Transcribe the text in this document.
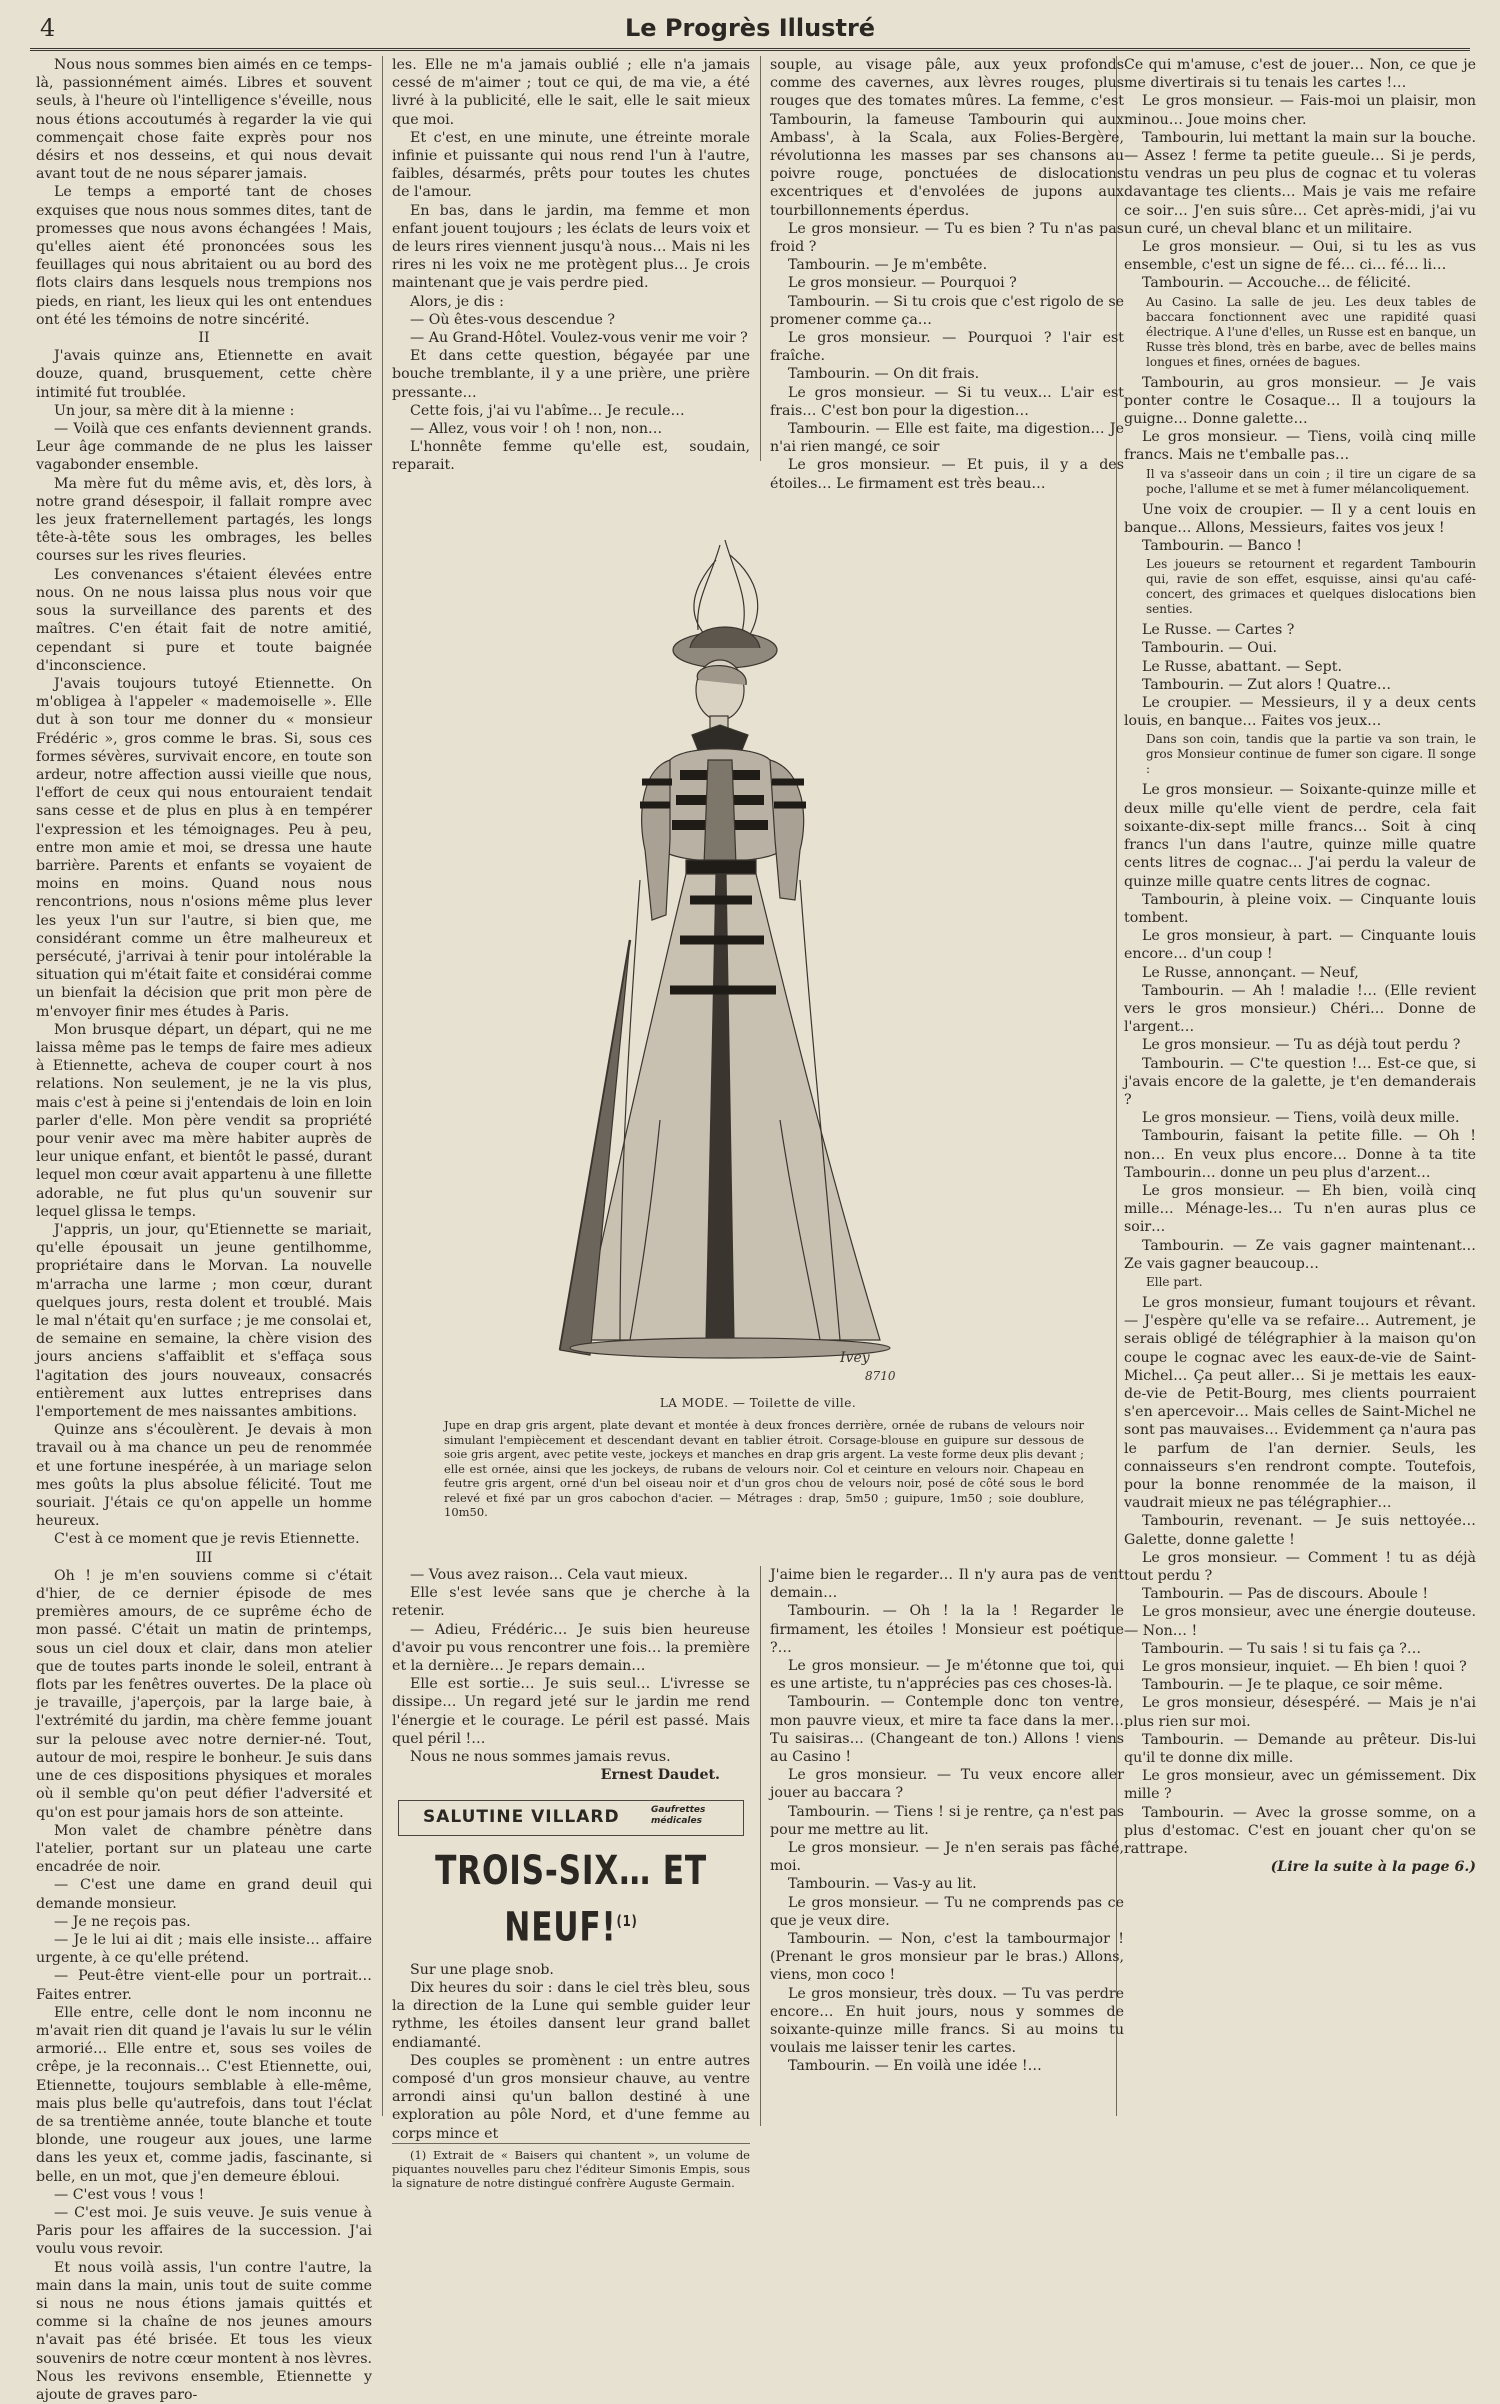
4	Le Progrès Illustré

Nous nous sommes bien aimés en ce temps-là, passionnément aimés. Libres et souvent seuls, à l'heure où l'intelligence s'éveille, nous nous étions accoutumés à regarder la vie qui commençait chose faite exprès pour nos désirs et nos desseins, et qui nous devait avant tout de ne nous séparer jamais.

Le temps a emporté tant de choses exquises que nous nous sommes dites, tant de promesses que nous avons échangées ! Mais, qu'elles aient été prononcées sous les feuillages qui nous abritaient ou au bord des flots clairs dans lesquels nous trempions nos pieds, en riant, les lieux qui les ont entendues ont été les témoins de notre sincérité.

II

J'avais quinze ans, Etiennette en avait douze, quand, brusquement, cette chère intimité fut troublée.

Un jour, sa mère dit à la mienne :

— Voilà que ces enfants deviennent grands. Leur âge commande de ne plus les laisser vagabonder ensemble.

Ma mère fut du même avis, et, dès lors, à notre grand désespoir, il fallait rompre avec les jeux fraternellement partagés, les longs tête-à-tête sous les ombrages, les belles courses sur les rives fleuries.

Les convenances s'étaient élevées entre nous. On ne nous laissa plus nous voir que sous la surveillance des parents et des maîtres. C'en était fait de notre amitié, cependant si pure et toute baignée d'inconscience.

J'avais toujours tutoyé Etiennette. On m'obligea à l'appeler « mademoiselle ». Elle dut à son tour me donner du « monsieur Frédéric », gros comme le bras. Si, sous ces formes sévères, survivait encore, en toute son ardeur, notre affection aussi vieille que nous, l'effort de ceux qui nous entouraient tendait sans cesse et de plus en plus à en tempérer l'expression et les témoignages. Peu à peu, entre mon amie et moi, se dressa une haute barrière. Parents et enfants se voyaient de moins en moins. Quand nous nous rencontrions, nous n'osions même plus lever les yeux l'un sur l'autre, si bien que, me considérant comme un être malheureux et persécuté, j'arrivai à tenir pour intolérable la situation qui m'était faite et considérai comme un bienfait la décision que prit mon père de m'envoyer finir mes études à Paris.

Mon brusque départ, un départ, qui ne me laissa même pas le temps de faire mes adieux à Etiennette, acheva de couper court à nos relations. Non seulement, je ne la vis plus, mais c'est à peine si j'entendais de loin en loin parler d'elle. Mon père vendit sa propriété pour venir avec ma mère habiter auprès de leur unique enfant, et bientôt le passé, durant lequel mon cœur avait appartenu à une fillette adorable, ne fut plus qu'un souvenir sur lequel glissa le temps.

J'appris, un jour, qu'Etiennette se mariait, qu'elle épousait un jeune gentilhomme, propriétaire dans le Morvan. La nouvelle m'arracha une larme ; mon cœur, durant quelques jours, resta dolent et troublé. Mais le mal n'était qu'en surface ; je me consolai et, de semaine en semaine, la chère vision des jours anciens s'affaiblit et s'effaça sous l'agitation des jours nouveaux, consacrés entièrement aux luttes entreprises dans l'emportement de mes naissantes ambitions.

Quinze ans s'écoulèrent. Je devais à mon travail ou à ma chance un peu de renommée et une fortune inespérée, à un mariage selon mes goûts la plus absolue félicité. Tout me souriait. J'étais ce qu'on appelle un homme heureux.

C'est à ce moment que je revis Etiennette.

III

Oh ! je m'en souviens comme si c'était d'hier, de ce dernier épisode de mes premières amours, de ce suprême écho de mon passé. C'était un matin de printemps, sous un ciel doux et clair, dans mon atelier que de toutes parts inonde le soleil, entrant à flots par les fenêtres ouvertes. De la place où je travaille, j'aperçois, par la large baie, à l'extrémité du jardin, ma chère femme jouant sur la pelouse avec notre dernier-né. Tout, autour de moi, respire le bonheur. Je suis dans une de ces dispositions physiques et morales où il semble qu'on peut défier l'adversité et qu'on est pour jamais hors de son atteinte.

Mon valet de chambre pénètre dans l'atelier, portant sur un plateau une carte encadrée de noir.

— C'est une dame en grand deuil qui demande monsieur.

— Je ne reçois pas.

— Je le lui ai dit ; mais elle insiste… affaire urgente, à ce qu'elle prétend.

— Peut-être vient-elle pour un portrait… Faites entrer.

Elle entre, celle dont le nom inconnu ne m'avait rien dit quand je l'avais lu sur le vélin armorié… Elle entre et, sous ses voiles de crêpe, je la reconnais… C'est Etiennette, oui, Etiennette, toujours semblable à elle-même, mais plus belle qu'autrefois, dans tout l'éclat de sa trentième année, toute blanche et toute blonde, une rougeur aux joues, une larme dans les yeux et, comme jadis, fascinante, si belle, en un mot, que j'en demeure ébloui.

— C'est vous ! vous !

— C'est moi. Je suis veuve. Je suis venue à Paris pour les affaires de la succession. J'ai voulu vous revoir.

Et nous voilà assis, l'un contre l'autre, la main dans la main, unis tout de suite comme si nous ne nous étions jamais quittés et comme si la chaîne de nos jeunes amours n'avait pas été brisée. Et tous les vieux souvenirs de notre cœur montent à nos lèvres. Nous les revivons ensemble, Etiennette y ajoute de graves paro-

les. Elle ne m'a jamais oublié ; elle n'a jamais cessé de m'aimer ; tout ce qui, de ma vie, a été livré à la publicité, elle le sait, elle le sait mieux que moi.

Et c'est, en une minute, une étreinte morale infinie et puissante qui nous rend l'un à l'autre, faibles, désarmés, prêts pour toutes les chutes de l'amour.

En bas, dans le jardin, ma femme et mon enfant jouent toujours ; les éclats de leurs voix et de leurs rires viennent jusqu'à nous… Mais ni les rires ni les voix ne me protègent plus… Je crois maintenant que je vais perdre pied.

Alors, je dis :

— Où êtes-vous descendue ?

— Au Grand-Hôtel. Voulez-vous venir me voir ?

Et dans cette question, bégayée par une bouche tremblante, il y a une prière, une prière pressante…

Cette fois, j'ai vu l'abîme… Je recule…

— Allez, vous voir ! oh ! non, non…

L'honnête femme qu'elle est, soudain, reparait.

souple, au visage pâle, aux yeux profonds comme des cavernes, aux lèvres rouges, plus rouges que des tomates mûres. La femme, c'est Tambourin, la fameuse Tambourin qui aux Ambass', à la Scala, aux Folies-Bergère, révolutionna les masses par ses chansons au poivre rouge, ponctuées de dislocations excentriques et d'envolées de jupons aux tourbillonnements éperdus.

Le gros monsieur. — Tu es bien ? Tu n'as pas froid ?

Tambourin. — Je m'embête.

Le gros monsieur. — Pourquoi ?

Tambourin. — Si tu crois que c'est rigolo de se promener comme ça…

Le gros monsieur. — Pourquoi ? l'air est fraîche.

Tambourin. — On dit frais.

Le gros monsieur. — Si tu veux… L'air est frais… C'est bon pour la digestion…

Tambourin. — Elle est faite, ma digestion… Je n'ai rien mangé, ce soir

Le gros monsieur. — Et puis, il y a des étoiles… Le firmament est très beau…

Ivey
8710
LA MODE. — Toilette de ville.
Jupe en drap gris argent, plate devant et montée à deux fronces derrière, ornée de rubans de velours noir simulant l'empiècement et descendant devant en tablier étroit. Corsage-blouse en guipure sur dessous de soie gris argent, avec petite veste, jockeys et manches en drap gris argent. La veste forme deux plis devant ; elle est ornée, ainsi que les jockeys, de rubans de velours noir. Col et ceinture en velours noir. Chapeau en feutre gris argent, orné d'un bel oiseau noir et d'un gros chou de velours noir, posé de côté sous le bord relevé et fixé par un gros cabochon d'acier. — Métrages : drap, 5m50 ; guipure, 1m50 ; soie doublure, 10m50.

— Vous avez raison… Cela vaut mieux.

Elle s'est levée sans que je cherche à la retenir.

— Adieu, Frédéric… Je suis bien heureuse d'avoir pu vous rencontrer une fois… la première et la dernière… Je repars demain…

Elle est sortie… Je suis seul… L'ivresse se dissipe… Un regard jeté sur le jardin me rend l'énergie et le courage. Le péril est passé. Mais quel péril !…

Nous ne nous sommes jamais revus.

Ernest Daudet.

SALUTINE VILLARD	Gaufrettes médicales
TROIS-SIX… ET NEUF!$^{(1)}$

Sur une plage snob.

Dix heures du soir : dans le ciel très bleu, sous la direction de la Lune qui semble guider leur rythme, les étoiles dansent leur grand ballet endiamanté.

Des couples se promènent : un entre autres composé d'un gros monsieur chauve, au ventre arrondi ainsi qu'un ballon destiné à une exploration au pôle Nord, et d'une femme au corps mince et

(1) Extrait de « Baisers qui chantent », un volume de piquantes nouvelles paru chez l'éditeur Simonis Empis, sous la signature de notre distingué confrère Auguste Germain.

J'aime bien le regarder… Il n'y aura pas de vent demain…

Tambourin. — Oh ! la la ! Regarder le firmament, les étoiles ! Monsieur est poétique ?…

Le gros monsieur. — Je m'étonne que toi, qui es une artiste, tu n'apprécies pas ces choses-là.

Tambourin. — Contemple donc ton ventre, mon pauvre vieux, et mire ta face dans la mer… Tu saisiras… (Changeant de ton.) Allons ! viens au Casino !

Le gros monsieur. — Tu veux encore aller jouer au baccara ?

Tambourin. — Tiens ! si je rentre, ça n'est pas pour me mettre au lit.

Le gros monsieur. — Je n'en serais pas fâché, moi.

Tambourin. — Vas-y au lit.

Le gros monsieur. — Tu ne comprends pas ce que je veux dire.

Tambourin. — Non, c'est la tambourmajor ! (Prenant le gros monsieur par le bras.) Allons, viens, mon coco !

Le gros monsieur, très doux. — Tu vas perdre encore… En huit jours, nous y sommes de soixante-quinze mille francs. Si au moins tu voulais me laisser tenir les cartes.

Tambourin. — En voilà une idée !…

Ce qui m'amuse, c'est de jouer… Non, ce que je me divertirais si tu tenais les cartes !…

Le gros monsieur. — Fais-moi un plaisir, mon minou… Joue moins cher.

Tambourin, lui mettant la main sur la bouche. — Assez ! ferme ta petite gueule… Si je perds, tu vendras un peu plus de cognac et tu voleras davantage tes clients… Mais je vais me refaire ce soir… J'en suis sûre… Cet après-midi, j'ai vu un curé, un cheval blanc et un militaire.

Le gros monsieur. — Oui, si tu les as vus ensemble, c'est un signe de fé… ci… fé… li…

Tambourin. — Accouche… de félicité.

Au Casino. La salle de jeu. Les deux tables de baccara fonctionnent avec une rapidité quasi électrique. A l'une d'elles, un Russe est en banque, un Russe très blond, très en barbe, avec de belles mains longues et fines, ornées de bagues.

Tambourin, au gros monsieur. — Je vais ponter contre le Cosaque… Il a toujours la guigne… Donne galette…

Le gros monsieur. — Tiens, voilà cinq mille francs. Mais ne t'emballe pas…

Il va s'asseoir dans un coin ; il tire un cigare de sa poche, l'allume et se met à fumer mélancoliquement.

Une voix de croupier. — Il y a cent louis en banque… Allons, Messieurs, faites vos jeux !

Tambourin. — Banco !

Les joueurs se retournent et regardent Tambourin qui, ravie de son effet, esquisse, ainsi qu'au café-concert, des grimaces et quelques dislocations bien senties.

Le Russe. — Cartes ?

Tambourin. — Oui.

Le Russe, abattant. — Sept.

Tambourin. — Zut alors ! Quatre…

Le croupier. — Messieurs, il y a deux cents louis, en banque… Faites vos jeux…

Dans son coin, tandis que la partie va son train, le gros Monsieur continue de fumer son cigare. Il songe :

Le gros monsieur. — Soixante-quinze mille et deux mille qu'elle vient de perdre, cela fait soixante-dix-sept mille francs… Soit à cinq francs l'un dans l'autre, quinze mille quatre cents litres de cognac… J'ai perdu la valeur de quinze mille quatre cents litres de cognac.

Tambourin, à pleine voix. — Cinquante louis tombent.

Le gros monsieur, à part. — Cinquante louis encore… d'un coup !

Le Russe, annonçant. — Neuf,

Tambourin. — Ah ! maladie !… (Elle revient vers le gros monsieur.) Chéri… Donne de l'argent…

Le gros monsieur. — Tu as déjà tout perdu ?

Tambourin. — C'te question !… Est-ce que, si j'avais encore de la galette, je t'en demanderais ?

Le gros monsieur. — Tiens, voilà deux mille.

Tambourin, faisant la petite fille. — Oh ! non… En veux plus encore… Donne à ta tite Tambourin… donne un peu plus d'arzent…

Le gros monsieur. — Eh bien, voilà cinq mille… Ménage-les… Tu n'en auras plus ce soir…

Tambourin. — Ze vais gagner maintenant… Ze vais gagner beaucoup…

Elle part.

Le gros monsieur, fumant toujours et rêvant. — J'espère qu'elle va se refaire… Autrement, je serais obligé de télégraphier à la maison qu'on coupe le cognac avec les eaux-de-vie de Saint-Michel… Ça peut aller… Si je mettais les eaux-de-vie de Petit-Bourg, mes clients pourraient s'en apercevoir… Mais celles de Saint-Michel ne sont pas mauvaises… Evidemment ça n'aura pas le parfum de l'an dernier. Seuls, les connaisseurs s'en rendront compte. Toutefois, pour la bonne renommée de la maison, il vaudrait mieux ne pas télégraphier…

Tambourin, revenant. — Je suis nettoyée… Galette, donne galette !

Le gros monsieur. — Comment ! tu as déjà tout perdu ?

Tambourin. — Pas de discours. Aboule !

Le gros monsieur, avec une énergie douteuse. — Non… !

Tambourin. — Tu sais ! si tu fais ça ?…

Le gros monsieur, inquiet. — Eh bien ! quoi ?

Tambourin. — Je te plaque, ce soir même.

Le gros monsieur, désespéré. — Mais je n'ai plus rien sur moi.

Tambourin. — Demande au prêteur. Dis-lui qu'il te donne dix mille.

Le gros monsieur, avec un gémissement. Dix mille ?

Tambourin. — Avec la grosse somme, on a plus d'estomac. C'est en jouant cher qu'on se rattrape.

(Lire la suite à la page 6.)
